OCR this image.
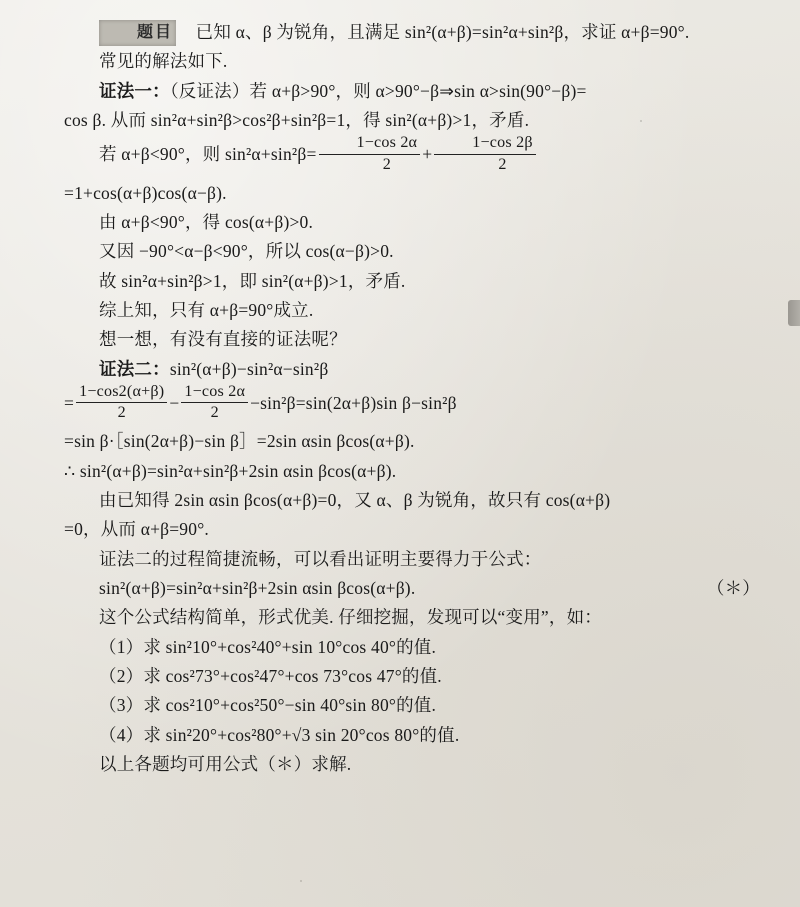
题目 已知 α、β 为锐角，且满足 sin²(α+β)=sin²α+sin²β，求证 α+β=90°.

常见的解法如下.

证法一：（反证法）若 α+β>90°，则 α>90°−β⇒sin α>sin(90°−β)=

cos β. 从而 sin²α+sin²β>cos²β+sin²β=1，得 sin²(α+β)>1，矛盾.

若 α+β<90°，则 $\sin^2\alpha+\sin^2\beta= \frac{1-\cos 2\alpha}{2} + \frac{1-\cos 2\beta}{2}$

=1+cos(α+β)cos(α−β).

由 α+β<90°，得 cos(α+β)>0.

又因 −90°<α−β<90°，所以 cos(α−β)>0.

故 sin²α+sin²β>1，即 sin²(α+β)>1，矛盾.

综上知，只有 α+β=90°成立.

想一想，有没有直接的证法呢？

证法二：sin²(α+β)−sin²α−sin²β

= $\frac{1-\cos 2(\alpha+\beta)}{2} - \frac{1-\cos 2\alpha}{2} -\sin^2\beta=\sin(2\alpha+\beta)\sin$ β−sin²β

=sin β·［sin(2α+β)−sin β］=2sin αsin βcos(α+β).

∴ sin²(α+β)=sin²α+sin²β+2sin αsin βcos(α+β).

由已知得 2sin αsin βcos(α+β)=0，又 α、β 为锐角，故只有 cos(α+β)

=0，从而 α+β=90°.

证法二的过程简捷流畅，可以看出证明主要得力于公式：

（＊）
sin²(α+β)=sin²α+sin²β+2sin αsin βcos(α+β).

这个公式结构简单，形式优美. 仔细挖掘，发现可以“变用”，如：

（1）求 sin²10°+cos²40°+sin 10°cos 40°的值.

（2）求 cos²73°+cos²47°+cos 73°cos 47°的值.

（3）求 cos²10°+cos²50°−sin 40°sin 80°的值.

（4）求 sin²20°+cos²80°+√3 sin 20°cos 80°的值.

以上各题均可用公式（＊）求解.
